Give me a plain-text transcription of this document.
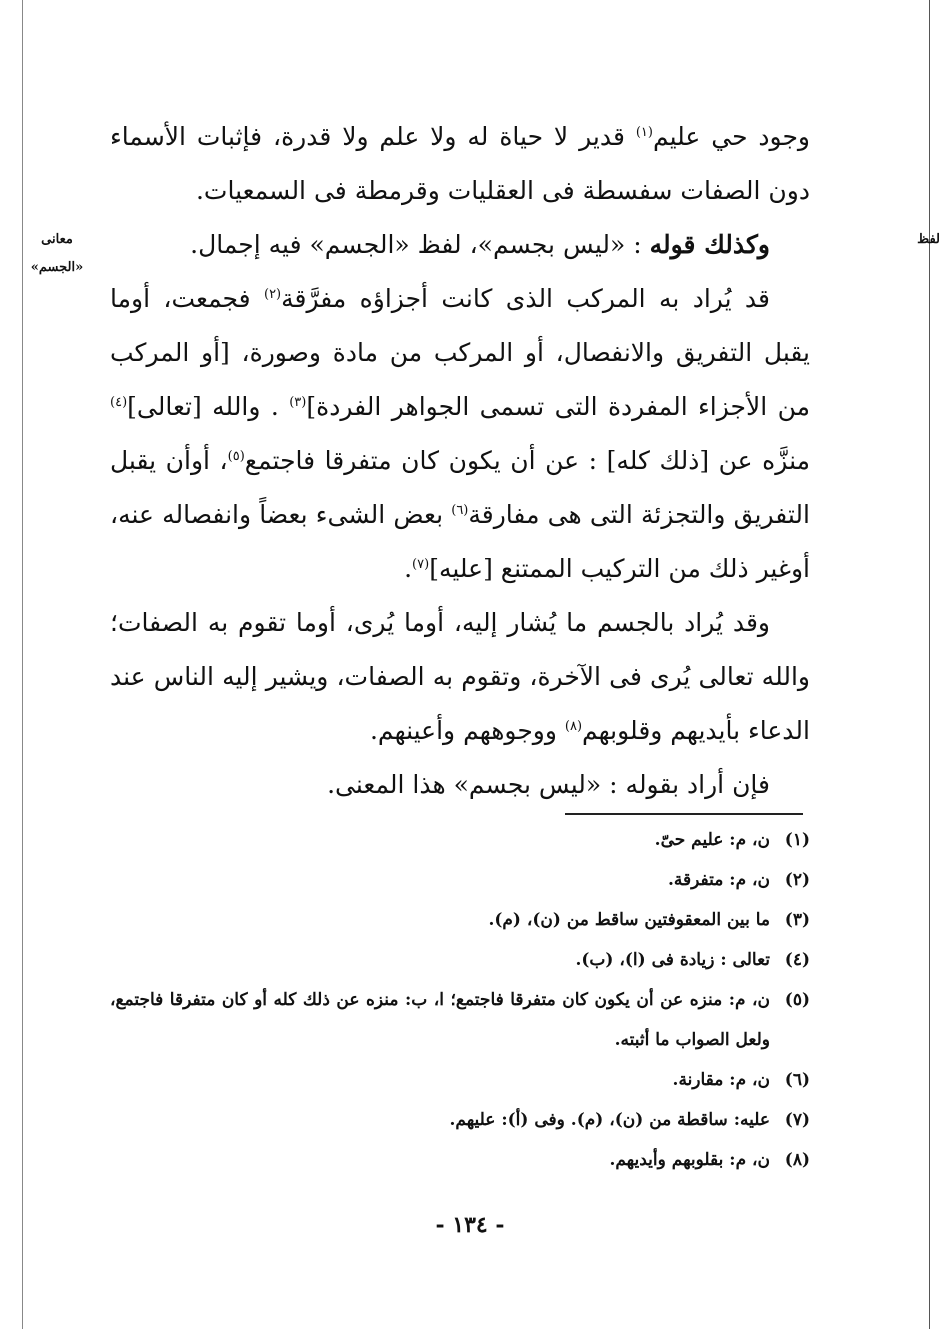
معانى
«الجسم»
لفظ

وجود حي عليم$^{(١)}$ قدير لا حياة له ولا علم ولا قدرة، فإثبات الأسماء دون الصفات سفسطة فى العقليات وقرمطة فى السمعيات.

وكذلك قوله : «ليس بجسم»، لفظ «الجسم» فيه إجمال.

قد يُراد به المركب الذى كانت أجزاؤه مفرَّقة$^{(٢)}$ فجمعت، أوما يقبل التفريق والانفصال، أو المركب من مادة وصورة، [أو المركب من الأجزاء المفردة التى تسمى الجواهر الفردة]$^{(٣)}$ . والله [تعالى]$^{(٤)}$ منزَّه عن [ذلك كله] : عن أن يكون كان متفرقا فاجتمع$^{(٥)}$، أوأن يقبل التفريق والتجزئة التى هى مفارقة$^{(٦)}$ بعض الشىء بعضاً وانفصاله عنه، أوغير ذلك من التركيب الممتنع [عليه]$^{(٧)}$.

وقد يُراد بالجسم ما يُشار إليه، أوما يُرى، أوما تقوم به الصفات؛ والله تعالى يُرى فى الآخرة، وتقوم به الصفات، ويشير إليه الناس عند الدعاء بأيديهم وقلوبهم$^{(٨)}$ ووجوههم وأعينهم.

فإن أراد بقوله : «ليس بجسم» هذا المعنى.

(١)
ن، م: عليم حىّ.
(٢)
ن، م: متفرقة.
(٣)
ما بين المعقوفتين ساقط من (ن)، (م).
(٤)
تعالى : زيادة فى (ا)، (ب).
(٥)
ن، م: منزه عن أن يكون كان متفرقا فاجتمع؛ ا، ب: منزه عن ذلك كله أو كان متفرقا فاجتمع، ولعل الصواب ما أثبته.
(٦)
ن، م: مقارنة.
(٧)
عليه: ساقطة من (ن)، (م). وفى (أ): عليهم.
(٨)
ن، م: بقلوبهم وأيديهم.
- ١٣٤ -
